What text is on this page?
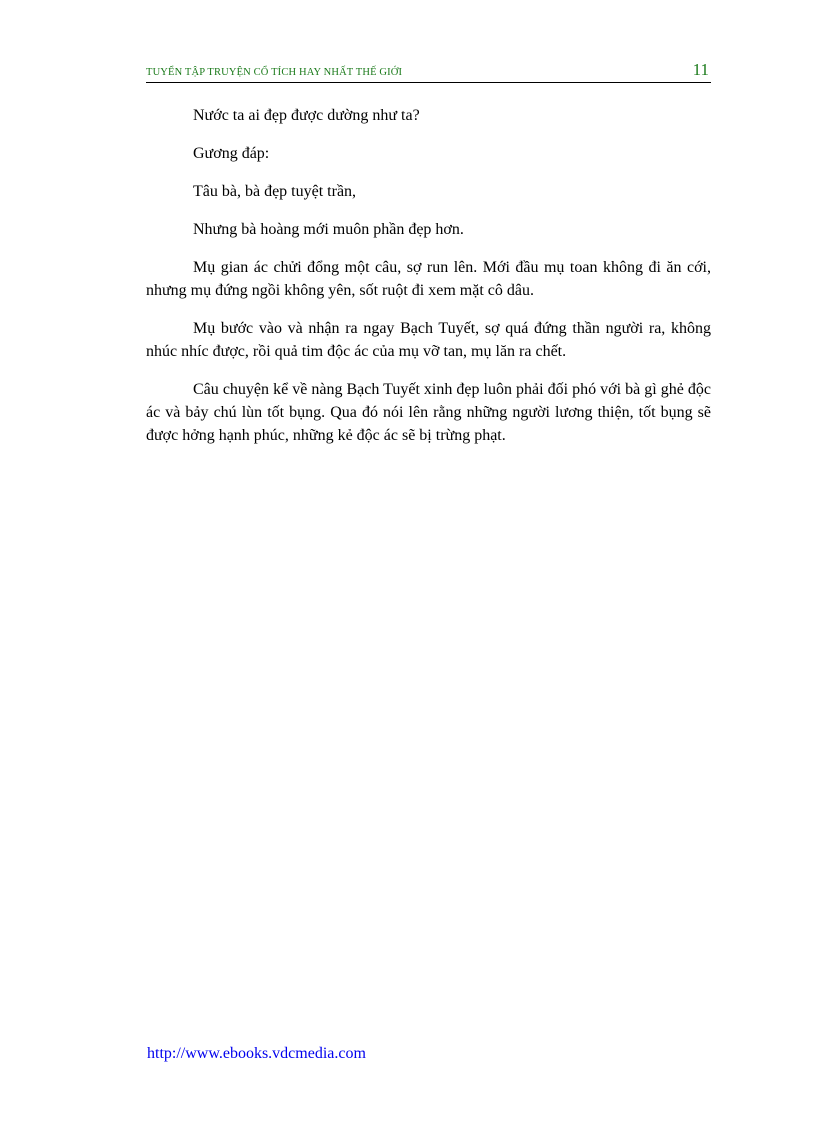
TUYỂN TẬP TRUYỆN CỔ TÍCH HAY NHẤT THẾ GIỚI	11

Nước ta ai đẹp được dường như ta?

Gương đáp:

Tâu bà, bà đẹp tuyệt trần,

Nhưng bà hoàng mới muôn phần đẹp hơn.

Mụ gian ác chửi đổng một câu, sợ run lên. Mới đầu mụ toan không đi ăn cới, nhưng mụ đứng ngồi không yên, sốt ruột đi xem mặt cô dâu.

Mụ bước vào và nhận ra ngay Bạch Tuyết, sợ quá đứng thần người ra, không nhúc nhíc được, rồi quả tim độc ác của mụ vỡ tan, mụ lăn ra chết.

Câu chuyện kể về nàng Bạch Tuyết xinh đẹp luôn phải đối phó với bà gì ghẻ độc ác và bảy chú lùn tốt bụng. Qua đó nói lên rằng những người lương thiện, tốt bụng sẽ được hởng hạnh phúc, những kẻ độc ác sẽ bị trừng phạt.

http://www.ebooks.vdcmedia.com
